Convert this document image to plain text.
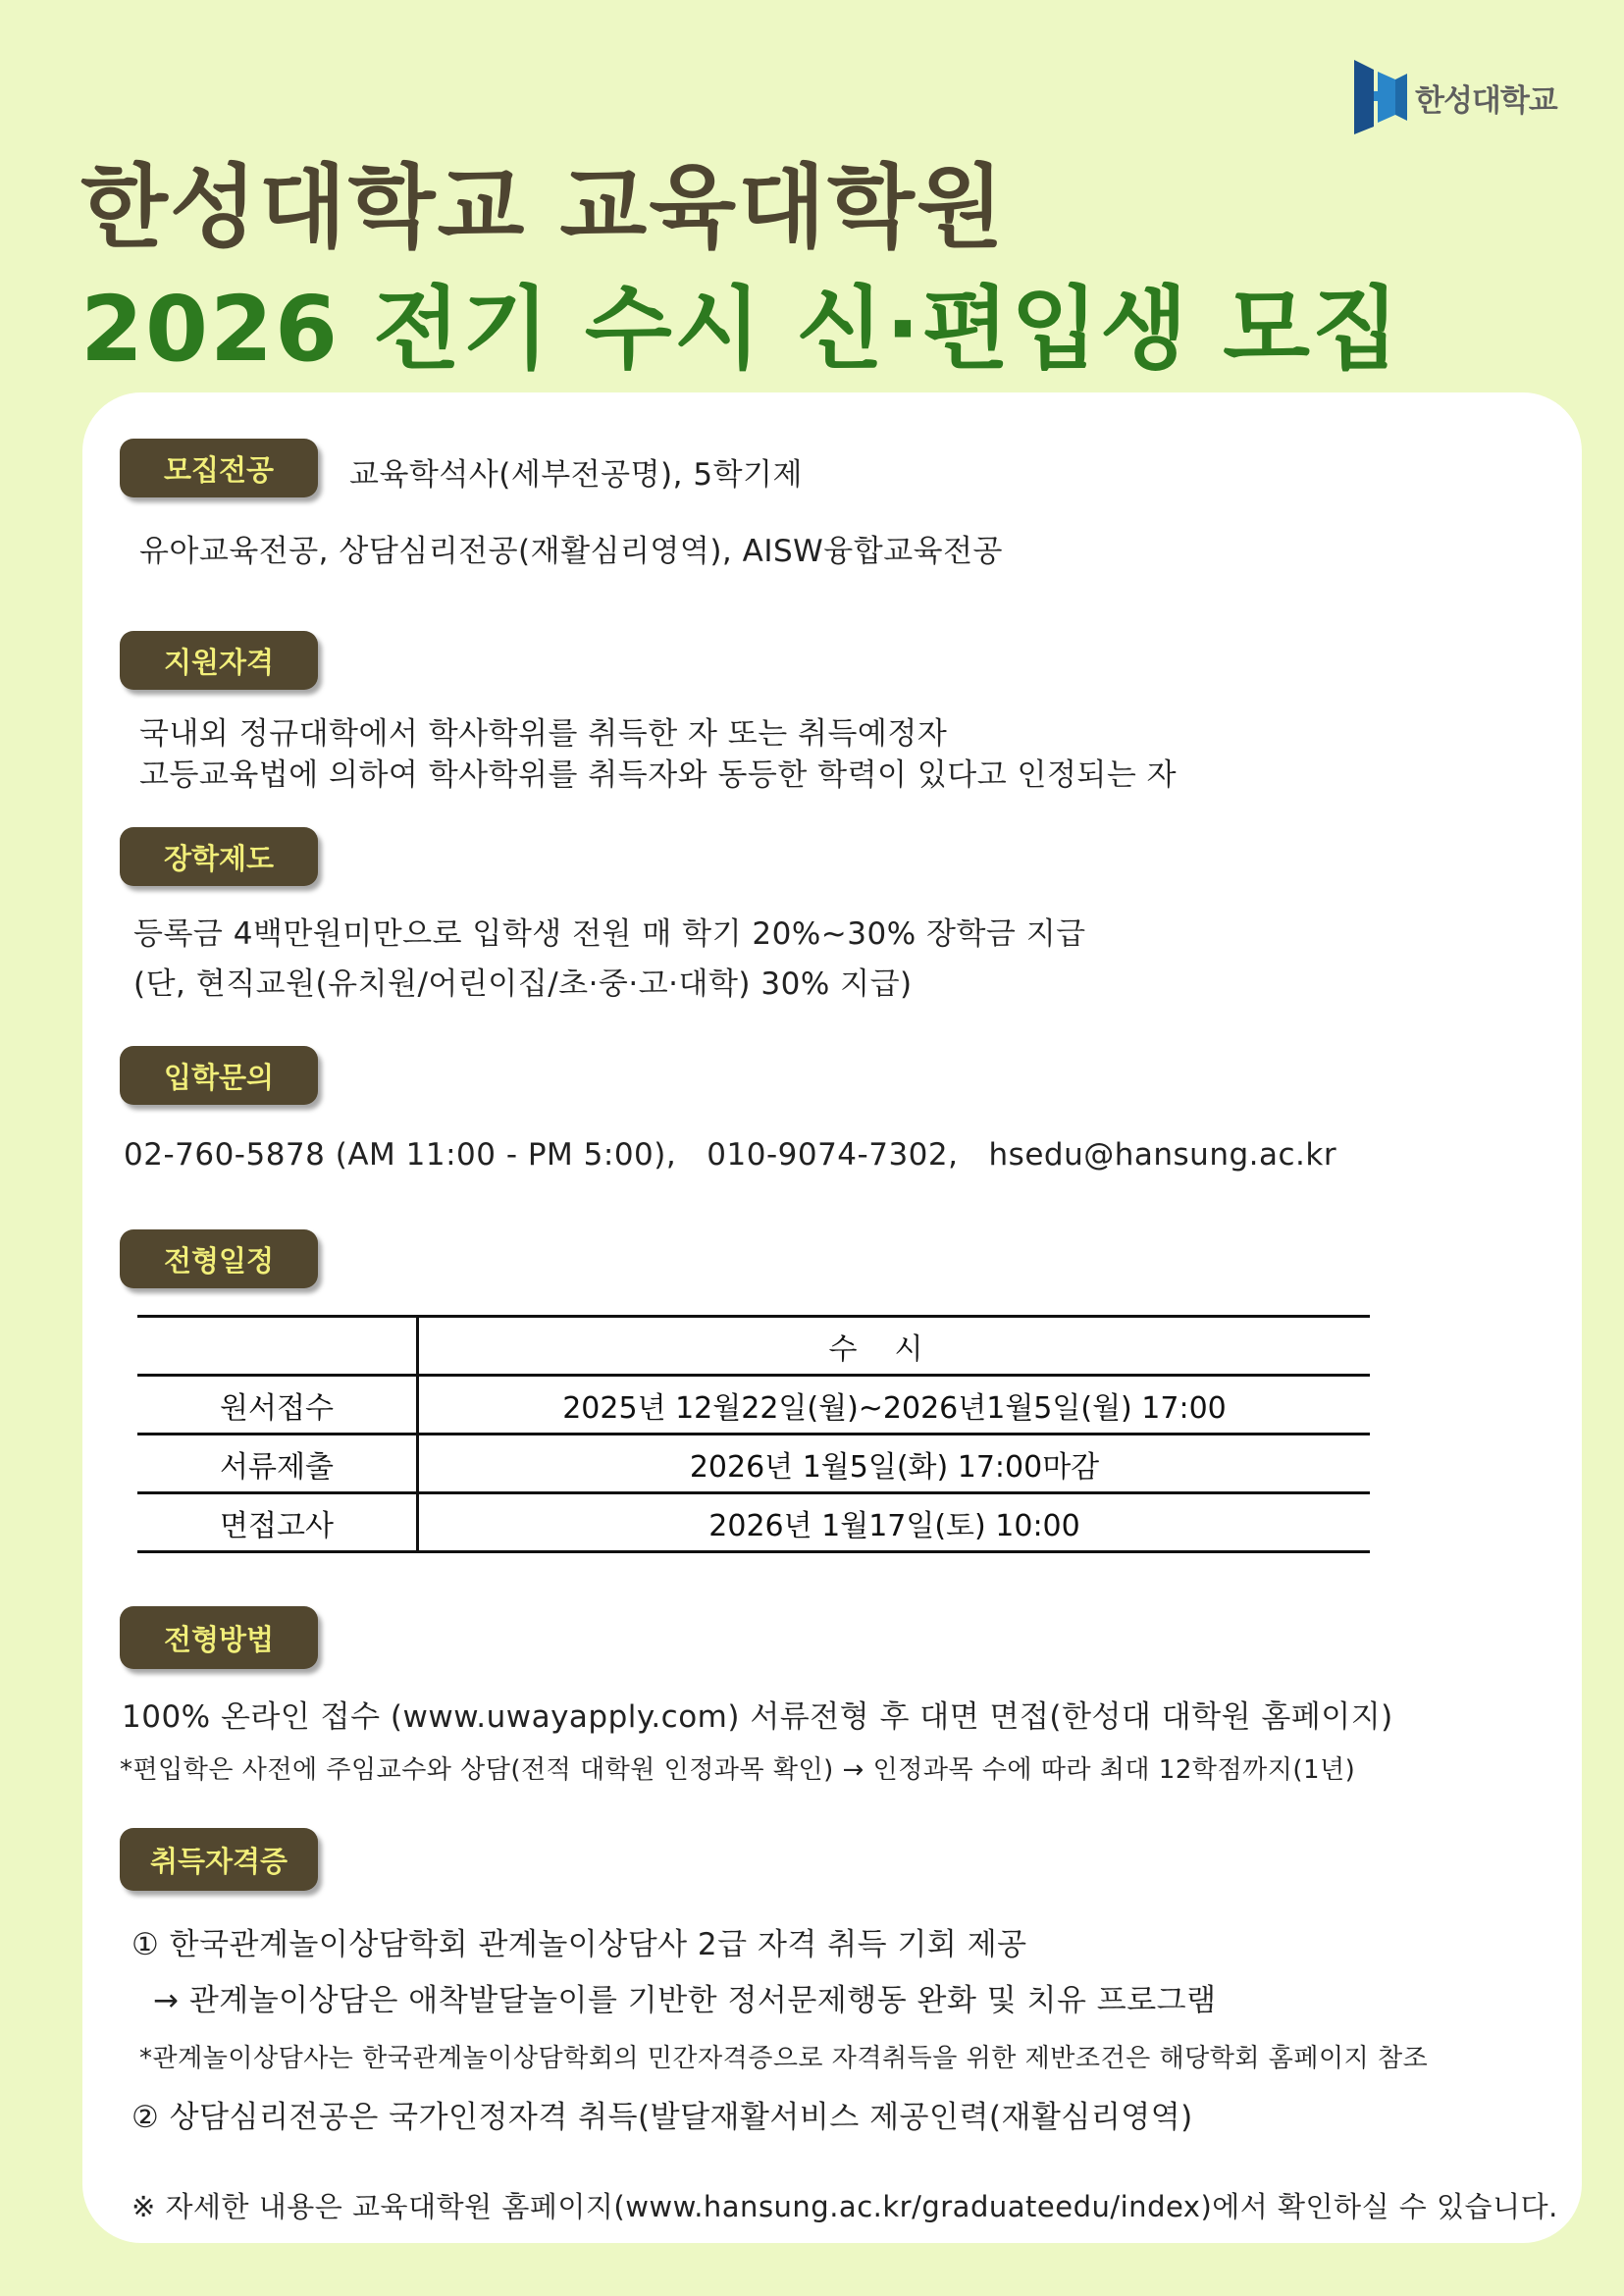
한성대학교
한성대학교 교육대학원
2026 전기 수시 신·편입생 모집
모집전공	교육학석사(세부전공명), 5학기제
유아교육전공, 상담심리전공(재활심리영역), AISW융합교육전공
지원자격
국내외 정규대학에서 학사학위를 취득한 자 또는 취득예정자
고등교육법에 의하여 학사학위를 취득자와 동등한 학력이 있다고 인정되는 자
장학제도
등록금 4백만원미만으로 입학생 전원 매 학기 20%~30% 장학금 지급
(단, 현직교원(유치원/어린이집/초·중·고·대학) 30% 지급)
입학문의
02-760-5878 (AM 11:00 - PM 5:00),   010-9074-7302,   hsedu@hansung.ac.kr
전형일정
	수시
원서접수	2025년 12월22일(월)~2026년1월5일(월) 17:00
서류제출	2026년 1월5일(화) 17:00마감
면접고사	2026년 1월17일(토) 10:00
전형방법
100% 온라인 접수 (www.uwayapply.com) 서류전형 후 대면 면접(한성대 대학원 홈페이지)
*편입학은 사전에 주임교수와 상담(전적 대학원 인정과목 확인) → 인정과목 수에 따라 최대 12학점까지(1년)
취득자격증
① 한국관계놀이상담학회 관계놀이상담사 2급 자격 취득 기회 제공
→ 관계놀이상담은 애착발달놀이를 기반한 정서문제행동 완화 및 치유 프로그램
*관계놀이상담사는 한국관계놀이상담학회의 민간자격증으로 자격취득을 위한 제반조건은 해당학회 홈페이지 참조
② 상담심리전공은 국가인정자격 취득(발달재활서비스 제공인력(재활심리영역)
※ 자세한 내용은 교육대학원 홈페이지(www.hansung.ac.kr/graduateedu/index)에서 확인하실 수 있습니다.
